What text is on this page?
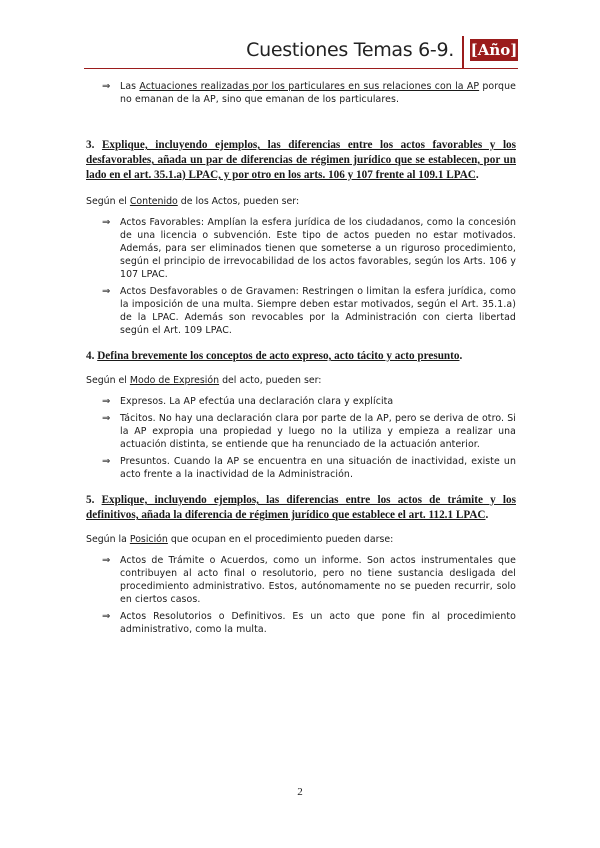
Cuestiones Temas 6-9. [Año]

⇒ Las Actuaciones realizadas por los particulares en sus relaciones con la AP porque no emanan de la AP, sino que emanan de los particulares.

3. Explique, incluyendo ejemplos, las diferencias entre los actos favorables y los desfavorables, añada un par de diferencias de régimen jurídico que se establecen, por un lado en el art. 35.1.a) LPAC, y por otro en los arts. 106 y 107 frente al 109.1 LPAC.

Según el Contenido de los Actos, pueden ser:

⇒ Actos Favorables: Amplían la esfera jurídica de los ciudadanos, como la concesión de una licencia o subvención. Este tipo de actos pueden no estar motivados. Además, para ser eliminados tienen que someterse a un riguroso procedimiento, según el principio de irrevocabilidad de los actos favorables, según los Arts. 106 y 107 LPAC.

⇒ Actos Desfavorables o de Gravamen: Restringen o limitan la esfera jurídica, como la imposición de una multa. Siempre deben estar motivados, según el Art. 35.1.a) de la LPAC. Además son revocables por la Administración con cierta libertad según el Art. 109 LPAC.

4. Defina brevemente los conceptos de acto expreso, acto tácito y acto presunto.

Según el Modo de Expresión del acto, pueden ser:

⇒ Expresos. La AP efectúa una declaración clara y explícita

⇒ Tácitos. No hay una declaración clara por parte de la AP, pero se deriva de otro. Si la AP expropia una propiedad y luego no la utiliza y empieza a realizar una actuación distinta, se entiende que ha renunciado de la actuación anterior.

⇒ Presuntos. Cuando la AP se encuentra en una situación de inactividad, existe un acto frente a la inactividad de la Administración.

5. Explique, incluyendo ejemplos, las diferencias entre los actos de trámite y los definitivos, añada la diferencia de régimen jurídico que establece el art. 112.1 LPAC.

Según la Posición que ocupan en el procedimiento pueden darse:

⇒ Actos de Trámite o Acuerdos, como un informe. Son actos instrumentales que contribuyen al acto final o resolutorio, pero no tiene sustancia desligada del procedimiento administrativo. Estos, autónomamente no se pueden recurrir, solo en ciertos casos.

⇒ Actos Resolutorios o Definitivos. Es un acto que pone fin al procedimiento administrativo, como la multa.

2
